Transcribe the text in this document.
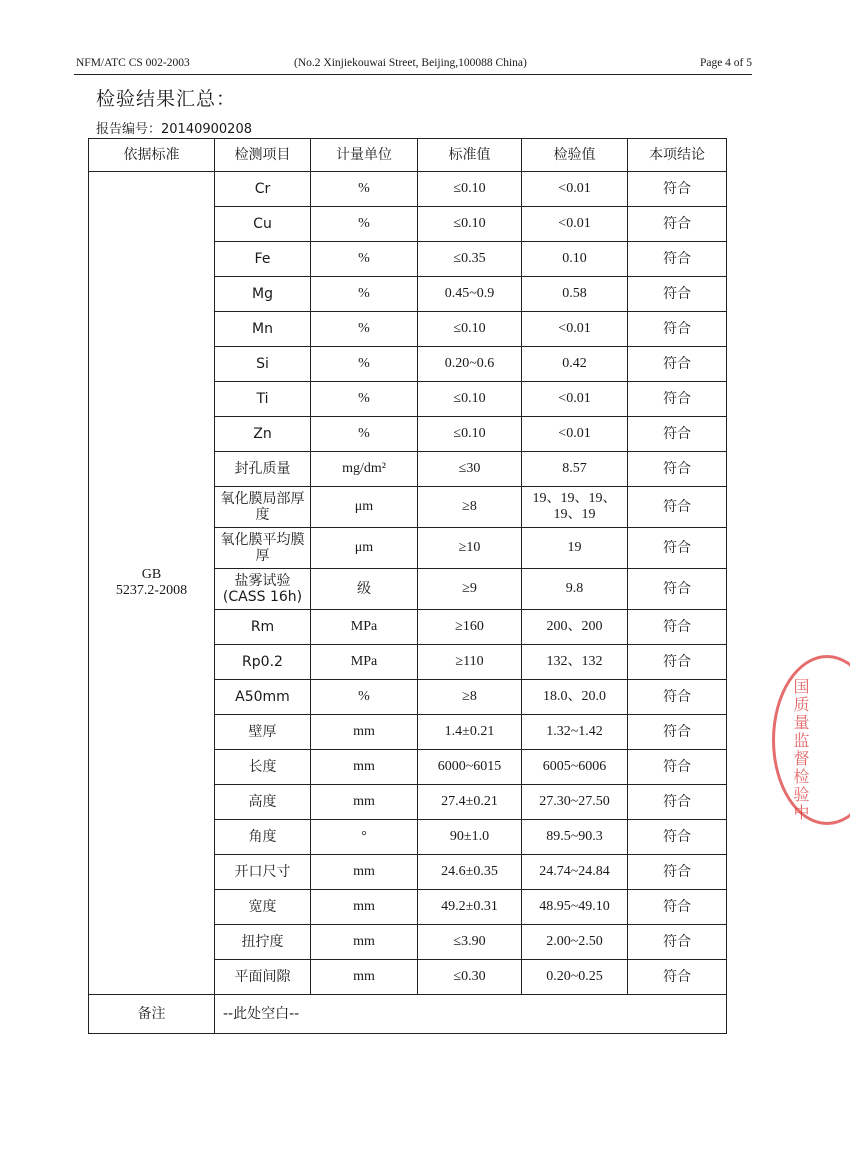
NFM/ATC CS 002-2003	(No.2 Xinjiekouwai Street, Beijing,100088 China)	Page 4 of 5
检验结果汇总：
报告编号：20140900208
依据标准	检测项目	计量单位	标准值	检验值	本项结论

GB
5237.2-2008	Cr	%	≤0.10	<0.01	符合
	Cu	%	≤0.10	<0.01	符合
	Fe	%	≤0.35	0.10	符合
	Mg	%	0.45~0.9	0.58	符合
	Mn	%	≤0.10	<0.01	符合
	Si	%	0.20~0.6	0.42	符合
	Ti	%	≤0.10	<0.01	符合
	Zn	%	≤0.10	<0.01	符合
	封孔质量	mg/dm²	≤30	8.57	符合
	氧化膜局部厚度	μm	≥8	19、19、19、19、19	符合
	氧化膜平均膜厚	μm	≥10	19	符合
	盐雾试验(CASS 16h)	级	≥9	9.8	符合
	Rm	MPa	≥160	200、200	符合
	Rp0.2	MPa	≥110	132、132	符合
	A50mm	%	≥8	18.0、20.0	符合
	壁厚	mm	1.4±0.21	1.32~1.42	符合
	长度	mm	6000~6015	6005~6006	符合
	高度	mm	27.4±0.21	27.30~27.50	符合
	角度	°	90±1.0	89.5~90.3	符合
	开口尺寸	mm	24.6±0.35	24.74~24.84	符合
	宽度	mm	49.2±0.31	48.95~49.10	符合
	扭拧度	mm	≤3.90	2.00~2.50	符合
	平面间隙	mm	≤0.30	0.20~0.25	符合
备注	--此处空白--				
国质量监督检验中
